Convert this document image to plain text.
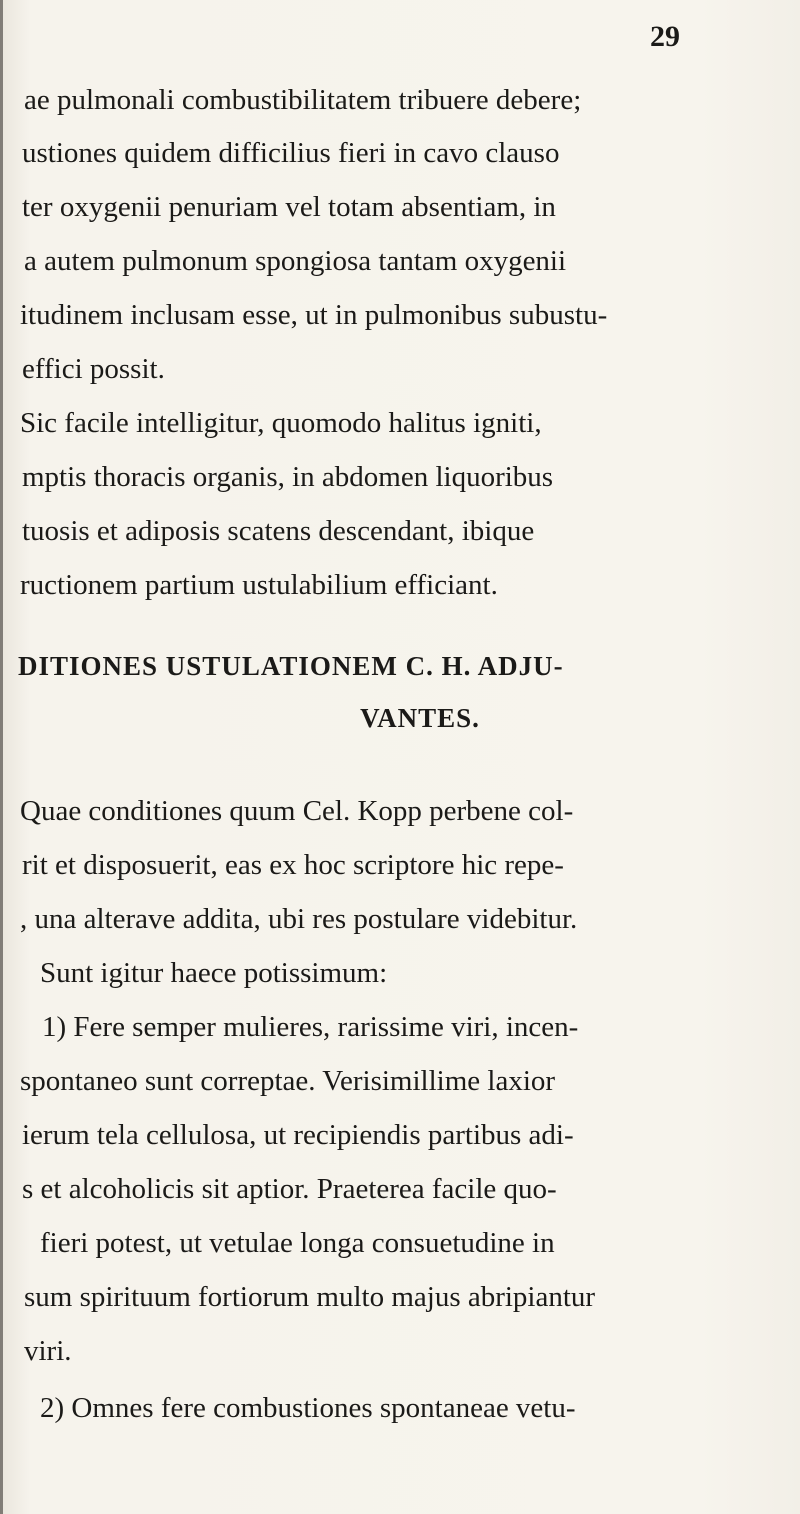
29
ae pulmonali combustibilitatem tribuere debere;
ustiones quidem difficilius fieri in cavo clauso
ter oxygenii penuriam vel totam absentiam, in
a autem pulmonum spongiosa tantam oxygenii
itudinem inclusam esse, ut in pulmonibus subustu-
effici possit.
Sic facile intelligitur, quomodo halitus igniti,
mptis thoracis organis, in abdomen liquoribus
tuosis et adiposis scatens descendant, ibique
ructionem partium ustulabilium efficiant.
DITIONES USTULATIONEM C. H. ADJU-
VANTES.
Quae conditiones quum Cel. Kopp perbene col-
rit et disposuerit, eas ex hoc scriptore hic repe-
, una alterave addita, ubi res postulare videbitur.
Sunt igitur haece potissimum:
1) Fere semper mulieres, rarissime viri, incen-
spontaneo sunt correptae. Verisimillime laxior
ierum tela cellulosa, ut recipiendis partibus adi-
s et alcoholicis sit aptior. Praeterea facile quo-
fieri potest, ut vetulae longa consuetudine in
sum spirituum fortiorum multo majus abripiantur
viri.
2) Omnes fere combustiones spontaneae vetu-
